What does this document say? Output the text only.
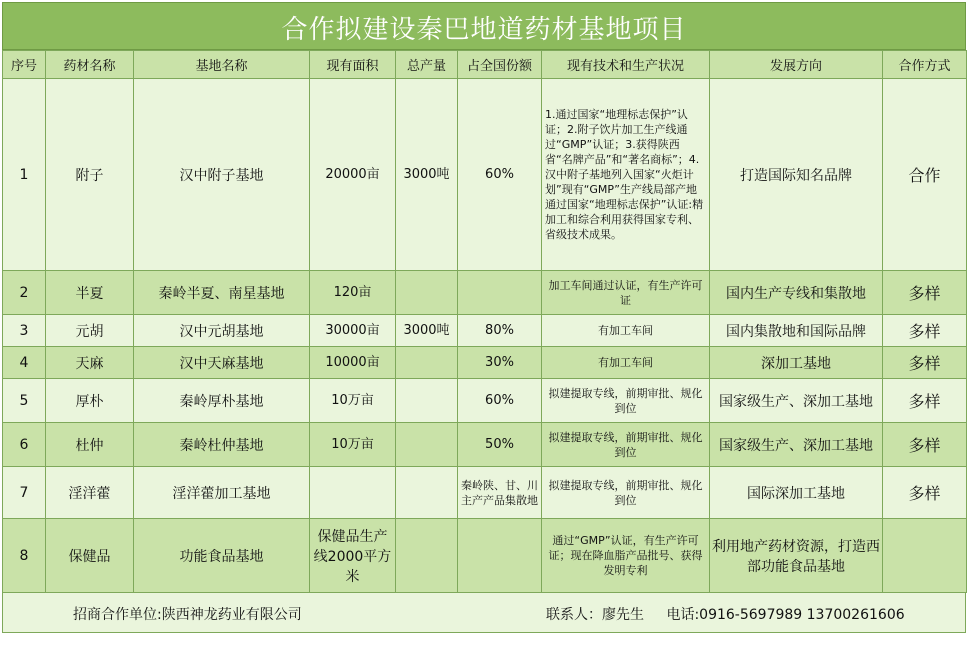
合作拟建设秦巴地道药材基地项目
序号	药材名称	基地名称	现有面积	总产量	占全国份额	现有技术和生产状况	发展方向	合作方式
1	附子	汉中附子基地	20000亩	3000吨	60%	1.通过国家“地理标志保护”认证；2.附子饮片加工生产线通过“GMP”认证；3.获得陕西省“名牌产品”和“著名商标”；4.汉中附子基地列入国家“火炬计划”现有“GMP”生产线局部产地通过国家“地理标志保护”认证:精加工和综合利用获得国家专利、省级技术成果。	打造国际知名品牌	合作
2	半夏	秦岭半夏、南星基地	120亩			加工车间通过认证，有生产许可证	国内生产专线和集散地	多样
3	元胡	汉中元胡基地	30000亩	3000吨	80%	有加工车间	国内集散地和国际品牌	多样
4	天麻	汉中天麻基地	10000亩		30%	有加工车间	深加工基地	多样
5	厚朴	秦岭厚朴基地	10万亩		60%	拟建提取专线，前期审批、规化到位	国家级生产、深加工基地	多样
6	杜仲	秦岭杜仲基地	10万亩		50%	拟建提取专线，前期审批、规化到位	国家级生产、深加工基地	多样
7	淫洋藿	淫洋藿加工基地			秦岭陕、甘、川主产产品集散地	拟建提取专线，前期审批、规化到位	国际深加工基地	多样
8	保健品	功能食品基地	保健品生产线2000平方米			通过“GMP”认证，有生产许可证；现在降血脂产品批号、获得发明专利	利用地产药材资源，打造西部功能食品基地	
招商合作单位:陕西神龙药业有限公司	联系人：廖先生 电话:0916-5697989 13700261606
